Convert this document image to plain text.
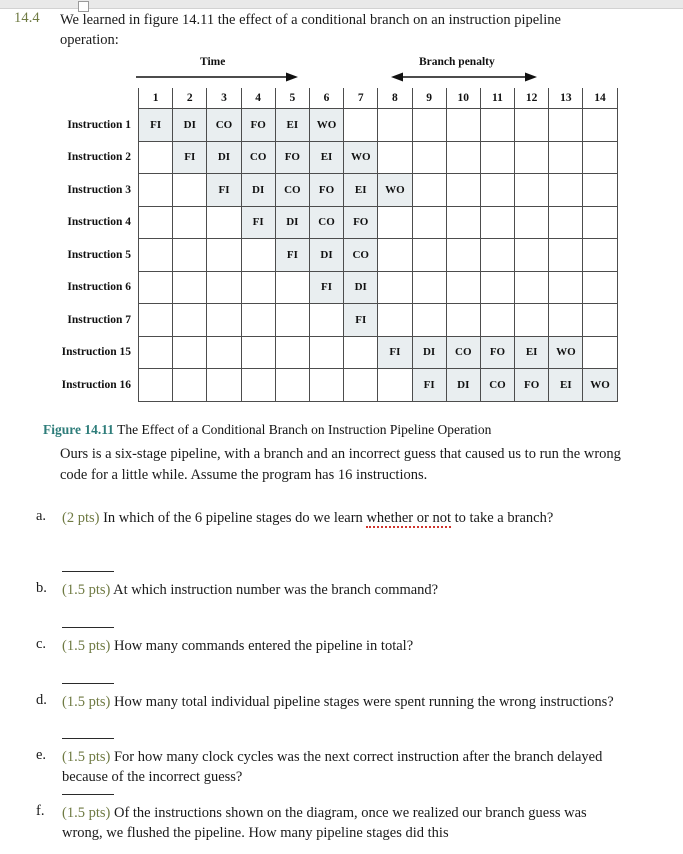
14.4 We learned in figure 14.11 the effect of a conditional branch on an instruction pipeline operation:
Time	Branch penalty
	1	2	3	4	5	6	7	8	9	10	11	12	13	14
Instruction 1	FI	DI	CO	FO	EI	WO								
Instruction 2		FI	DI	CO	FO	EI	WO							
Instruction 3			FI	DI	CO	FO	EI	WO						
Instruction 4				FI	DI	CO	FO							
Instruction 5					FI	DI	CO							
Instruction 6						FI	DI							
Instruction 7							FI							
Instruction 15								FI	DI	CO	FO	EI	WO	
Instruction 16									FI	DI	CO	FO	EI	WO
Figure 14.11 The Effect of a Conditional Branch on Instruction Pipeline Operation
Ours is a six-stage pipeline, with a branch and an incorrect guess that caused us to run the wrong code for a little while. Assume the program has 16 instructions.
a.	(2 pts) In which of the 6 pipeline stages do we learn whether or not to take a branch?
b.	(1.5 pts) At which instruction number was the branch command?
c.	(1.5 pts) How many commands entered the pipeline in total?
d.	(1.5 pts) How many total individual pipeline stages were spent running the wrong instructions?
e.	(1.5 pts) For how many clock cycles was the next correct instruction after the branch delayed because of the incorrect guess?
f.	(1.5 pts) Of the instructions shown on the diagram, once we realized our branch guess was wrong, we flushed the pipeline. How many pipeline stages did this
